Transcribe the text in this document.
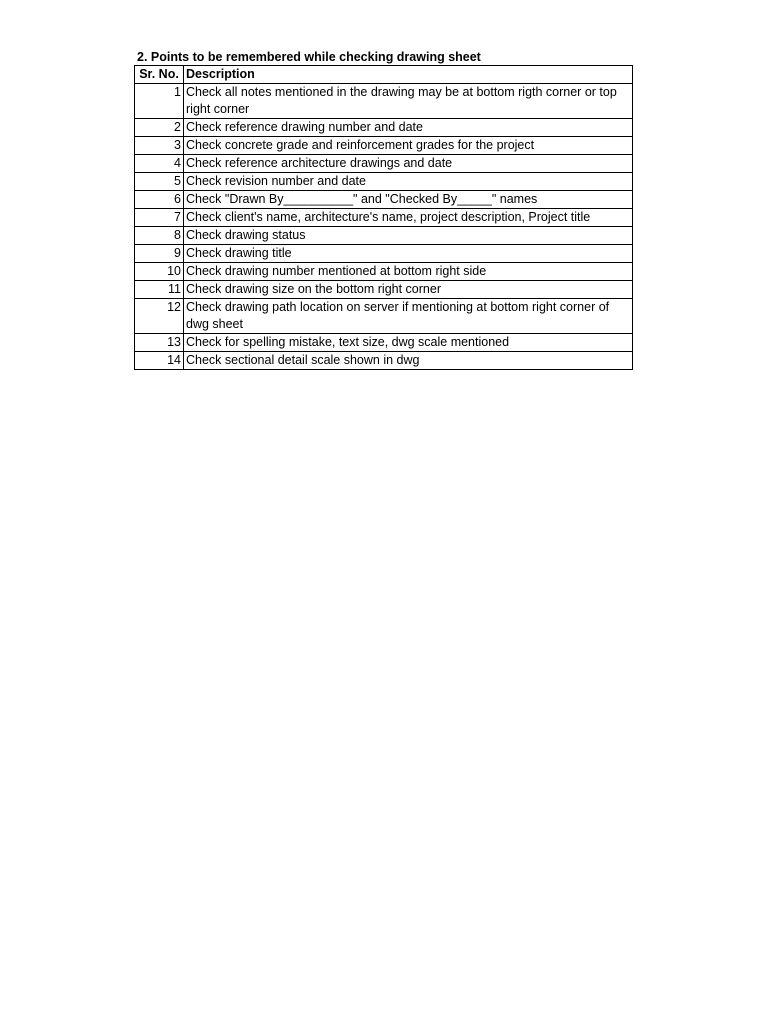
2. Points to be remembered while checking drawing sheet
Sr. No.	Description
1	Check all notes mentioned in the drawing may be at bottom rigth corner or top right corner
2	Check reference drawing number and date
3	Check concrete grade and reinforcement grades for the project
4	Check reference architecture drawings and date
5	Check revision number and date
6	Check "Drawn By__________" and "Checked By_____" names
7	Check client's name, architecture's name, project description, Project title
8	Check drawing status
9	Check drawing title
10	Check drawing number mentioned at bottom right side
11	Check drawing size on the bottom right corner
12	Check drawing path location on server if mentioning at bottom right corner of dwg sheet
13	Check for spelling mistake, text size, dwg scale mentioned
14	Check sectional detail scale shown in dwg
